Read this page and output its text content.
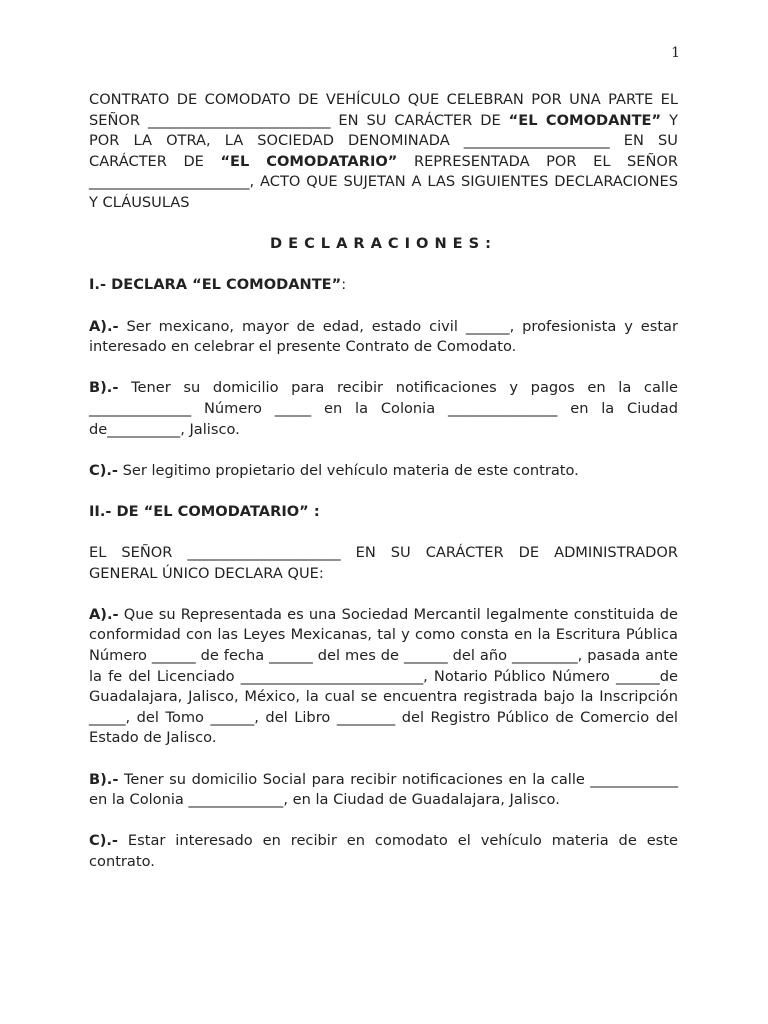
1

CONTRATO DE COMODATO DE VEHÍCULO QUE CELEBRAN POR UNA PARTE EL SEÑOR _________________________ EN SU CARÁCTER DE “EL COMODANTE” Y POR LA OTRA, LA SOCIEDAD DENOMINADA ____________________ EN SU CARÁCTER DE “EL COMODATARIO” REPRESENTADA POR EL SEÑOR ______________________, ACTO QUE SUJETAN A LAS SIGUIENTES DECLARACIONES Y CLÁUSULAS

DECLARACIONES:

I.- DECLARA “EL COMODANTE”:

A).- Ser mexicano, mayor de edad, estado civil ______, profesionista y estar interesado en celebrar el presente Contrato de Comodato.

B).- Tener su domicilio para recibir notificaciones y pagos en la calle ______________ Número _____ en la Colonia _______________ en la Ciudad de__________, Jalisco.

C).- Ser legitimo propietario del vehículo materia de este contrato.

II.- DE “EL COMODATARIO” :

EL SEÑOR _____________________ EN SU CARÁCTER DE ADMINISTRADOR GENERAL ÚNICO DECLARA QUE:

A).- Que su Representada es una Sociedad Mercantil legalmente constituida de conformidad con las Leyes Mexicanas, tal y como consta en la Escritura Pública Número ______ de fecha ______ del mes de ______ del año _________, pasada ante la fe del Licenciado _________________________, Notario Público Número ______de Guadalajara, Jalisco, México, la cual se encuentra registrada bajo la Inscripción _____, del Tomo ______, del Libro ________ del Registro Público de Comercio del Estado de Jalisco.

B).- Tener su domicilio Social para recibir notificaciones en la calle ____________ en la Colonia _____________, en la Ciudad de Guadalajara, Jalisco.

C).- Estar interesado en recibir en comodato el vehículo materia de este contrato.
